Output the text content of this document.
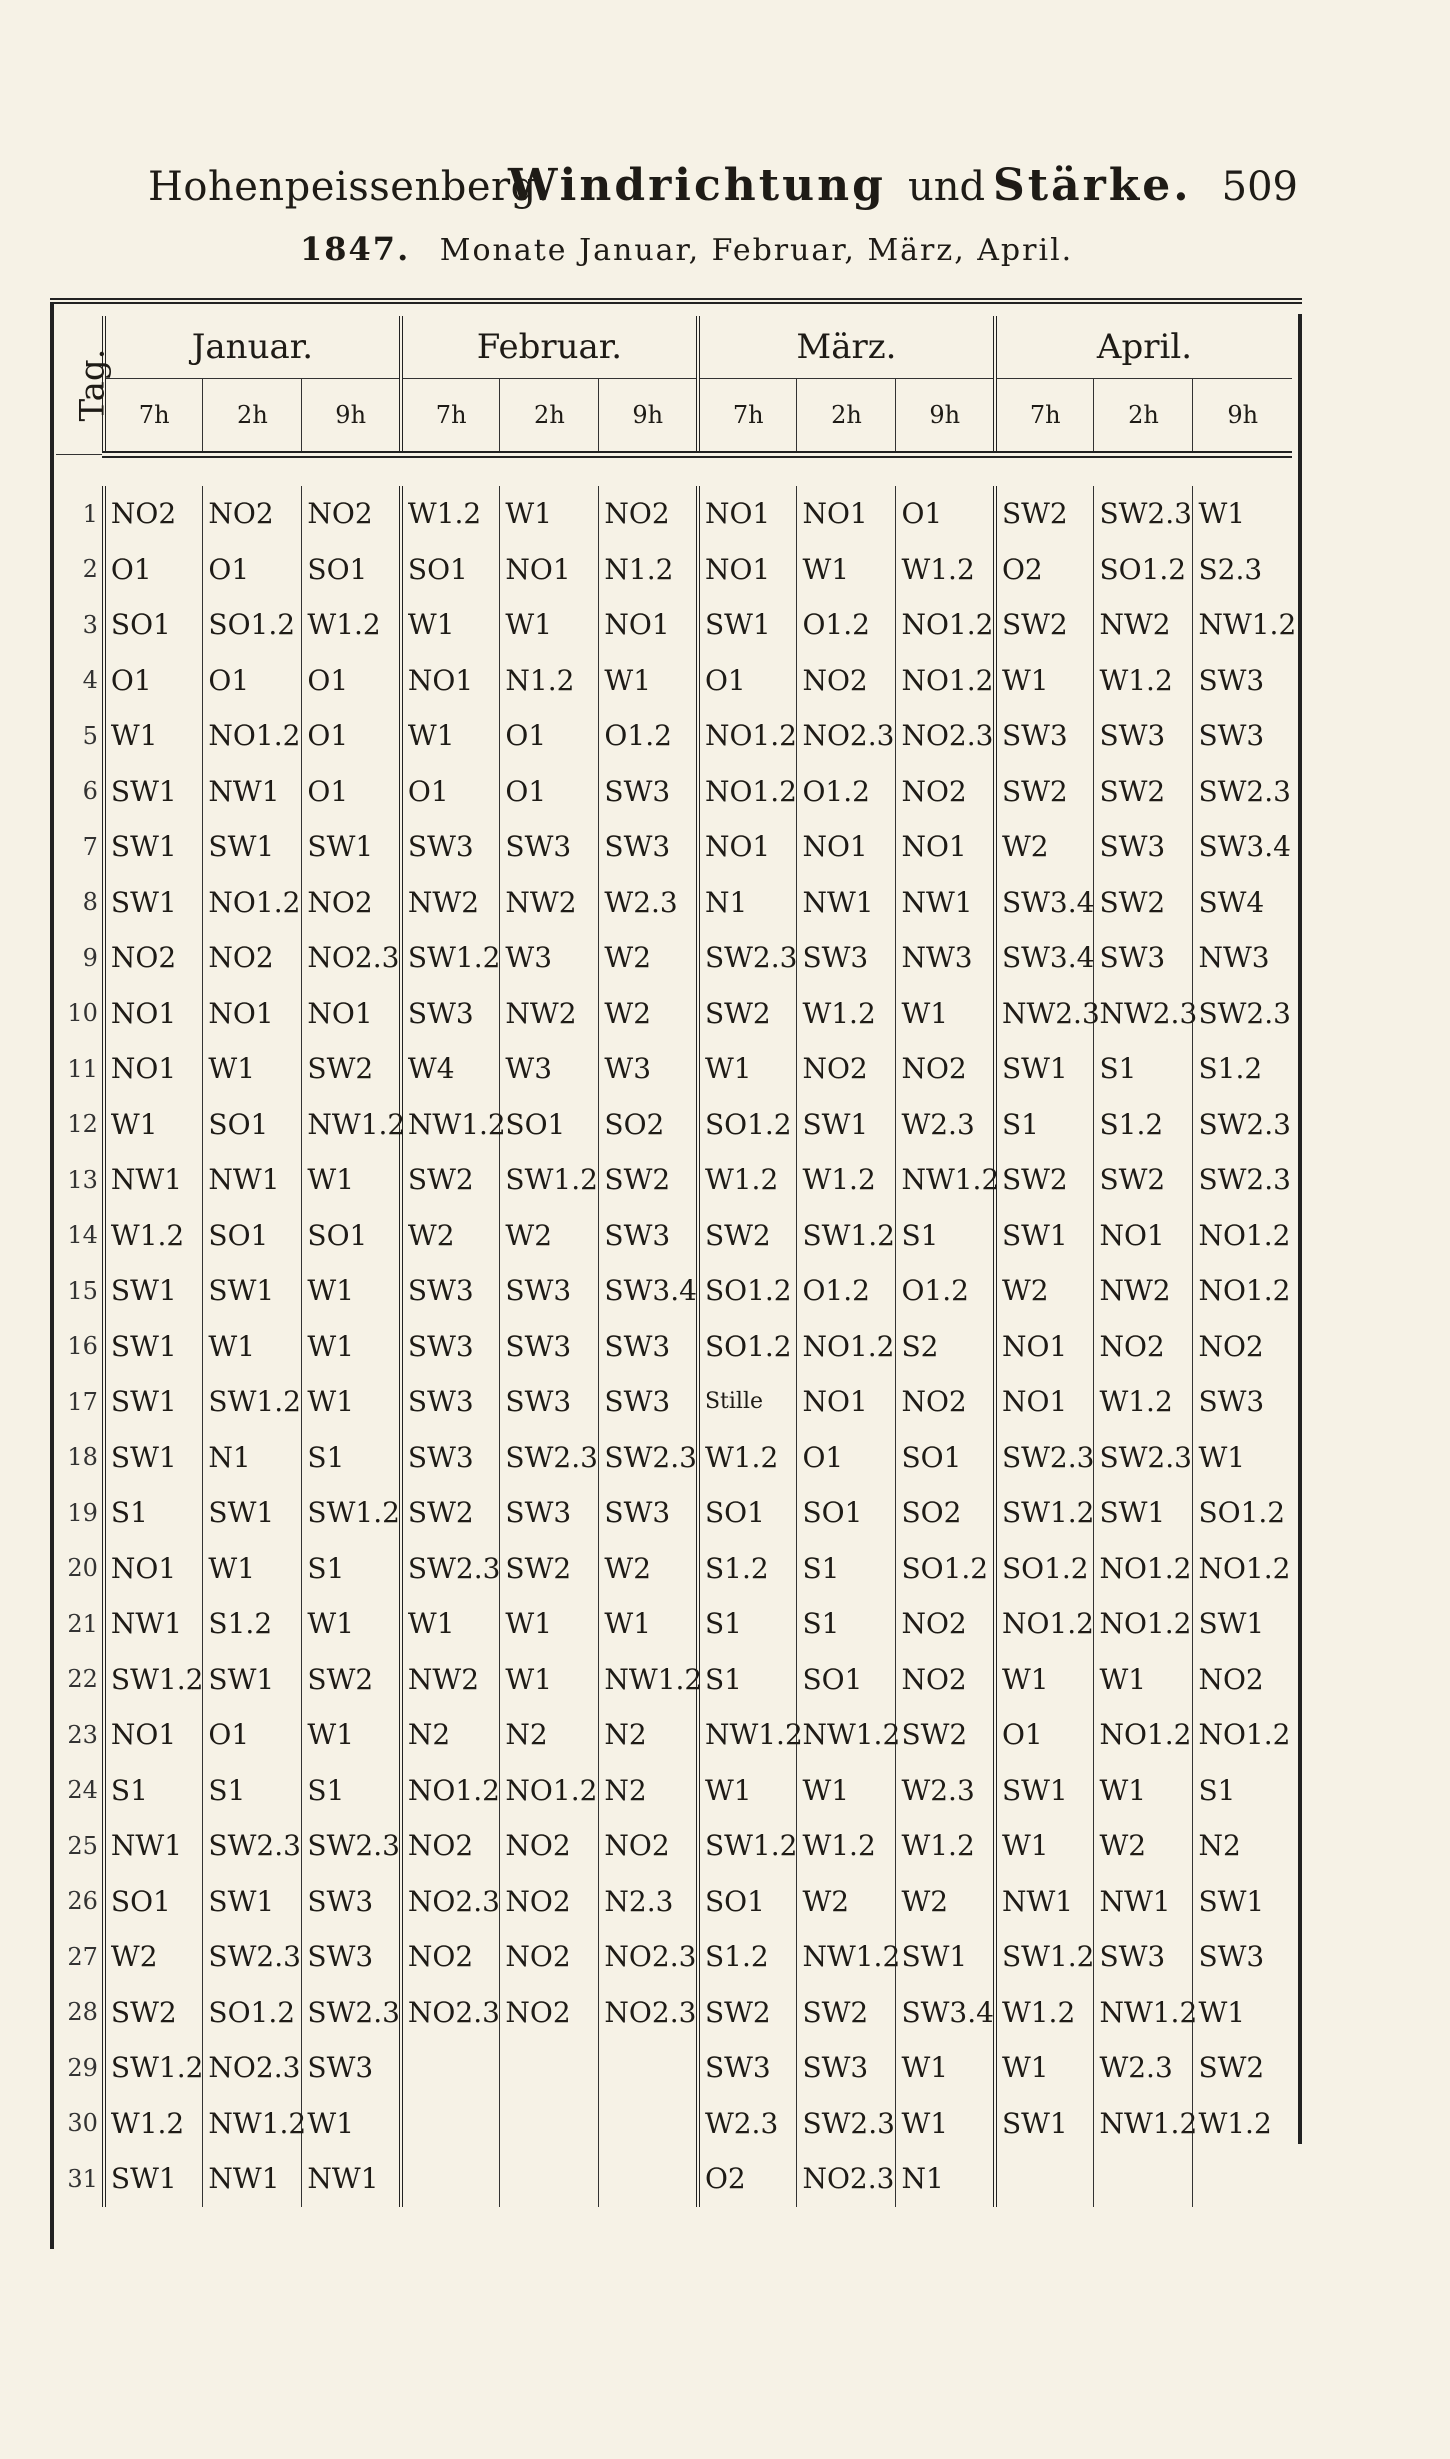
Hohenpeissenberg.
Windrichtung und Stärke. 509
1847. Monate Januar, Februar, März, April.
Tag.	Januar.			Februar.			März.			April.		
	7h	2h	9h	7h	2h	9h	7h	2h	9h	7h	2h	9h

1	NO2	NO2	NO2	W1.2	W1	NO2	NO1	NO1	O1	SW2	SW2.3	W1
2	O1	O1	SO1	SO1	NO1	N1.2	NO1	W1	W1.2	O2	SO1.2	S2.3
3	SO1	SO1.2	W1.2	W1	W1	NO1	SW1	O1.2	NO1.2	SW2	NW2	NW1.2
4	O1	O1	O1	NO1	N1.2	W1	O1	NO2	NO1.2	W1	W1.2	SW3
5	W1	NO1.2	O1	W1	O1	O1.2	NO1.2	NO2.3	NO2.3	SW3	SW3	SW3
6	SW1	NW1	O1	O1	O1	SW3	NO1.2	O1.2	NO2	SW2	SW2	SW2.3
7	SW1	SW1	SW1	SW3	SW3	SW3	NO1	NO1	NO1	W2	SW3	SW3.4
8	SW1	NO1.2	NO2	NW2	NW2	W2.3	N1	NW1	NW1	SW3.4	SW2	SW4
9	NO2	NO2	NO2.3	SW1.2	W3	W2	SW2.3	SW3	NW3	SW3.4	SW3	NW3
10	NO1	NO1	NO1	SW3	NW2	W2	SW2	W1.2	W1	NW2.3	NW2.3	SW2.3
11	NO1	W1	SW2	W4	W3	W3	W1	NO2	NO2	SW1	S1	S1.2
12	W1	SO1	NW1.2	NW1.2	SO1	SO2	SO1.2	SW1	W2.3	S1	S1.2	SW2.3
13	NW1	NW1	W1	SW2	SW1.2	SW2	W1.2	W1.2	NW1.2	SW2	SW2	SW2.3
14	W1.2	SO1	SO1	W2	W2	SW3	SW2	SW1.2	S1	SW1	NO1	NO1.2
15	SW1	SW1	W1	SW3	SW3	SW3.4	SO1.2	O1.2	O1.2	W2	NW2	NO1.2
16	SW1	W1	W1	SW3	SW3	SW3	SO1.2	NO1.2	S2	NO1	NO2	NO2
17	SW1	SW1.2	W1	SW3	SW3	SW3	Stille	NO1	NO2	NO1	W1.2	SW3
18	SW1	N1	S1	SW3	SW2.3	SW2.3	W1.2	O1	SO1	SW2.3	SW2.3	W1
19	S1	SW1	SW1.2	SW2	SW3	SW3	SO1	SO1	SO2	SW1.2	SW1	SO1.2
20	NO1	W1	S1	SW2.3	SW2	W2	S1.2	S1	SO1.2	SO1.2	NO1.2	NO1.2
21	NW1	S1.2	W1	W1	W1	W1	S1	S1	NO2	NO1.2	NO1.2	SW1
22	SW1.2	SW1	SW2	NW2	W1	NW1.2	S1	SO1	NO2	W1	W1	NO2
23	NO1	O1	W1	N2	N2	N2	NW1.2	NW1.2	SW2	O1	NO1.2	NO1.2
24	S1	S1	S1	NO1.2	NO1.2	N2	W1	W1	W2.3	SW1	W1	S1
25	NW1	SW2.3	SW2.3	NO2	NO2	NO2	SW1.2	W1.2	W1.2	W1	W2	N2
26	SO1	SW1	SW3	NO2.3	NO2	N2.3	SO1	W2	W2	NW1	NW1	SW1
27	W2	SW2.3	SW3	NO2	NO2	NO2.3	S1.2	NW1.2	SW1	SW1.2	SW3	SW3
28	SW2	SO1.2	SW2.3	NO2.3	NO2	NO2.3	SW2	SW2	SW3.4	W1.2	NW1.2	W1
29	SW1.2	NO2.3	SW3				SW3	SW3	W1	W1	W2.3	SW2
30	W1.2	NW1.2	W1				W2.3	SW2.3	W1	SW1	NW1.2	W1.2
31	SW1	NW1	NW1				O2	NO2.3	N1			
